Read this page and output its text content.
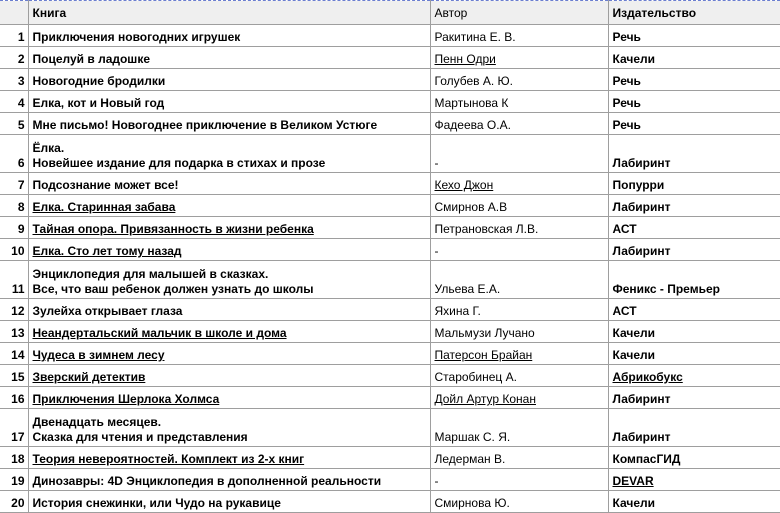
	Книга	Автор	Издательство
1	Приключения новогодних игрушек	Ракитина Е. В.	Речь
2	Поцелуй в ладошке	Пенн Одри	Качели
3	Новогодние бродилки	Голубев А. Ю.	Речь
4	Елка, кот и Новый год	Мартынова К	Речь
5	Мне письмо! Новогоднее приключение в Великом Устюге	Фадеева О.А.	Речь
6	Ёлка.
Новейшее издание для подарка в стихах и прозе	-	Лабиринт
7	Подсознание может все!	Кехо Джон	Попурри
8	Елка. Старинная забава	Смирнов А.В	Лабиринт
9	Тайная опора. Привязанность в жизни ребенка	Петрановская Л.В.	АСТ
10	Елка. Сто лет тому назад	-	Лабиринт
11	Энциклопедия для малышей в сказках.
Все, что ваш ребенок должен узнать до школы	Ульева Е.А.	Феникс - Премьер
12	Зулейха открывает глаза	Яхина Г.	АСТ
13	Неандертальский мальчик в школе и дома	Мальмузи Лучано	Качели
14	Чудеса в зимнем лесу	Патерсон Брайан	Качели
15	Зверский детектив	Старобинец А.	Абрикобукс
16	Приключения Шерлока Холмса	Дойл Артур Конан	Лабиринт
17	Двенадцать месяцев.
Сказка для чтения и представления	Маршак С. Я.	Лабиринт
18	Теория невероятностей. Комплект из 2-х книг	Ледерман В.	КомпасГИД
19	Динозавры: 4D Энциклопедия в дополненной реальности	-	DEVAR
20	История снежинки, или Чудо на рукавице	Смирнова Ю.	Качели
